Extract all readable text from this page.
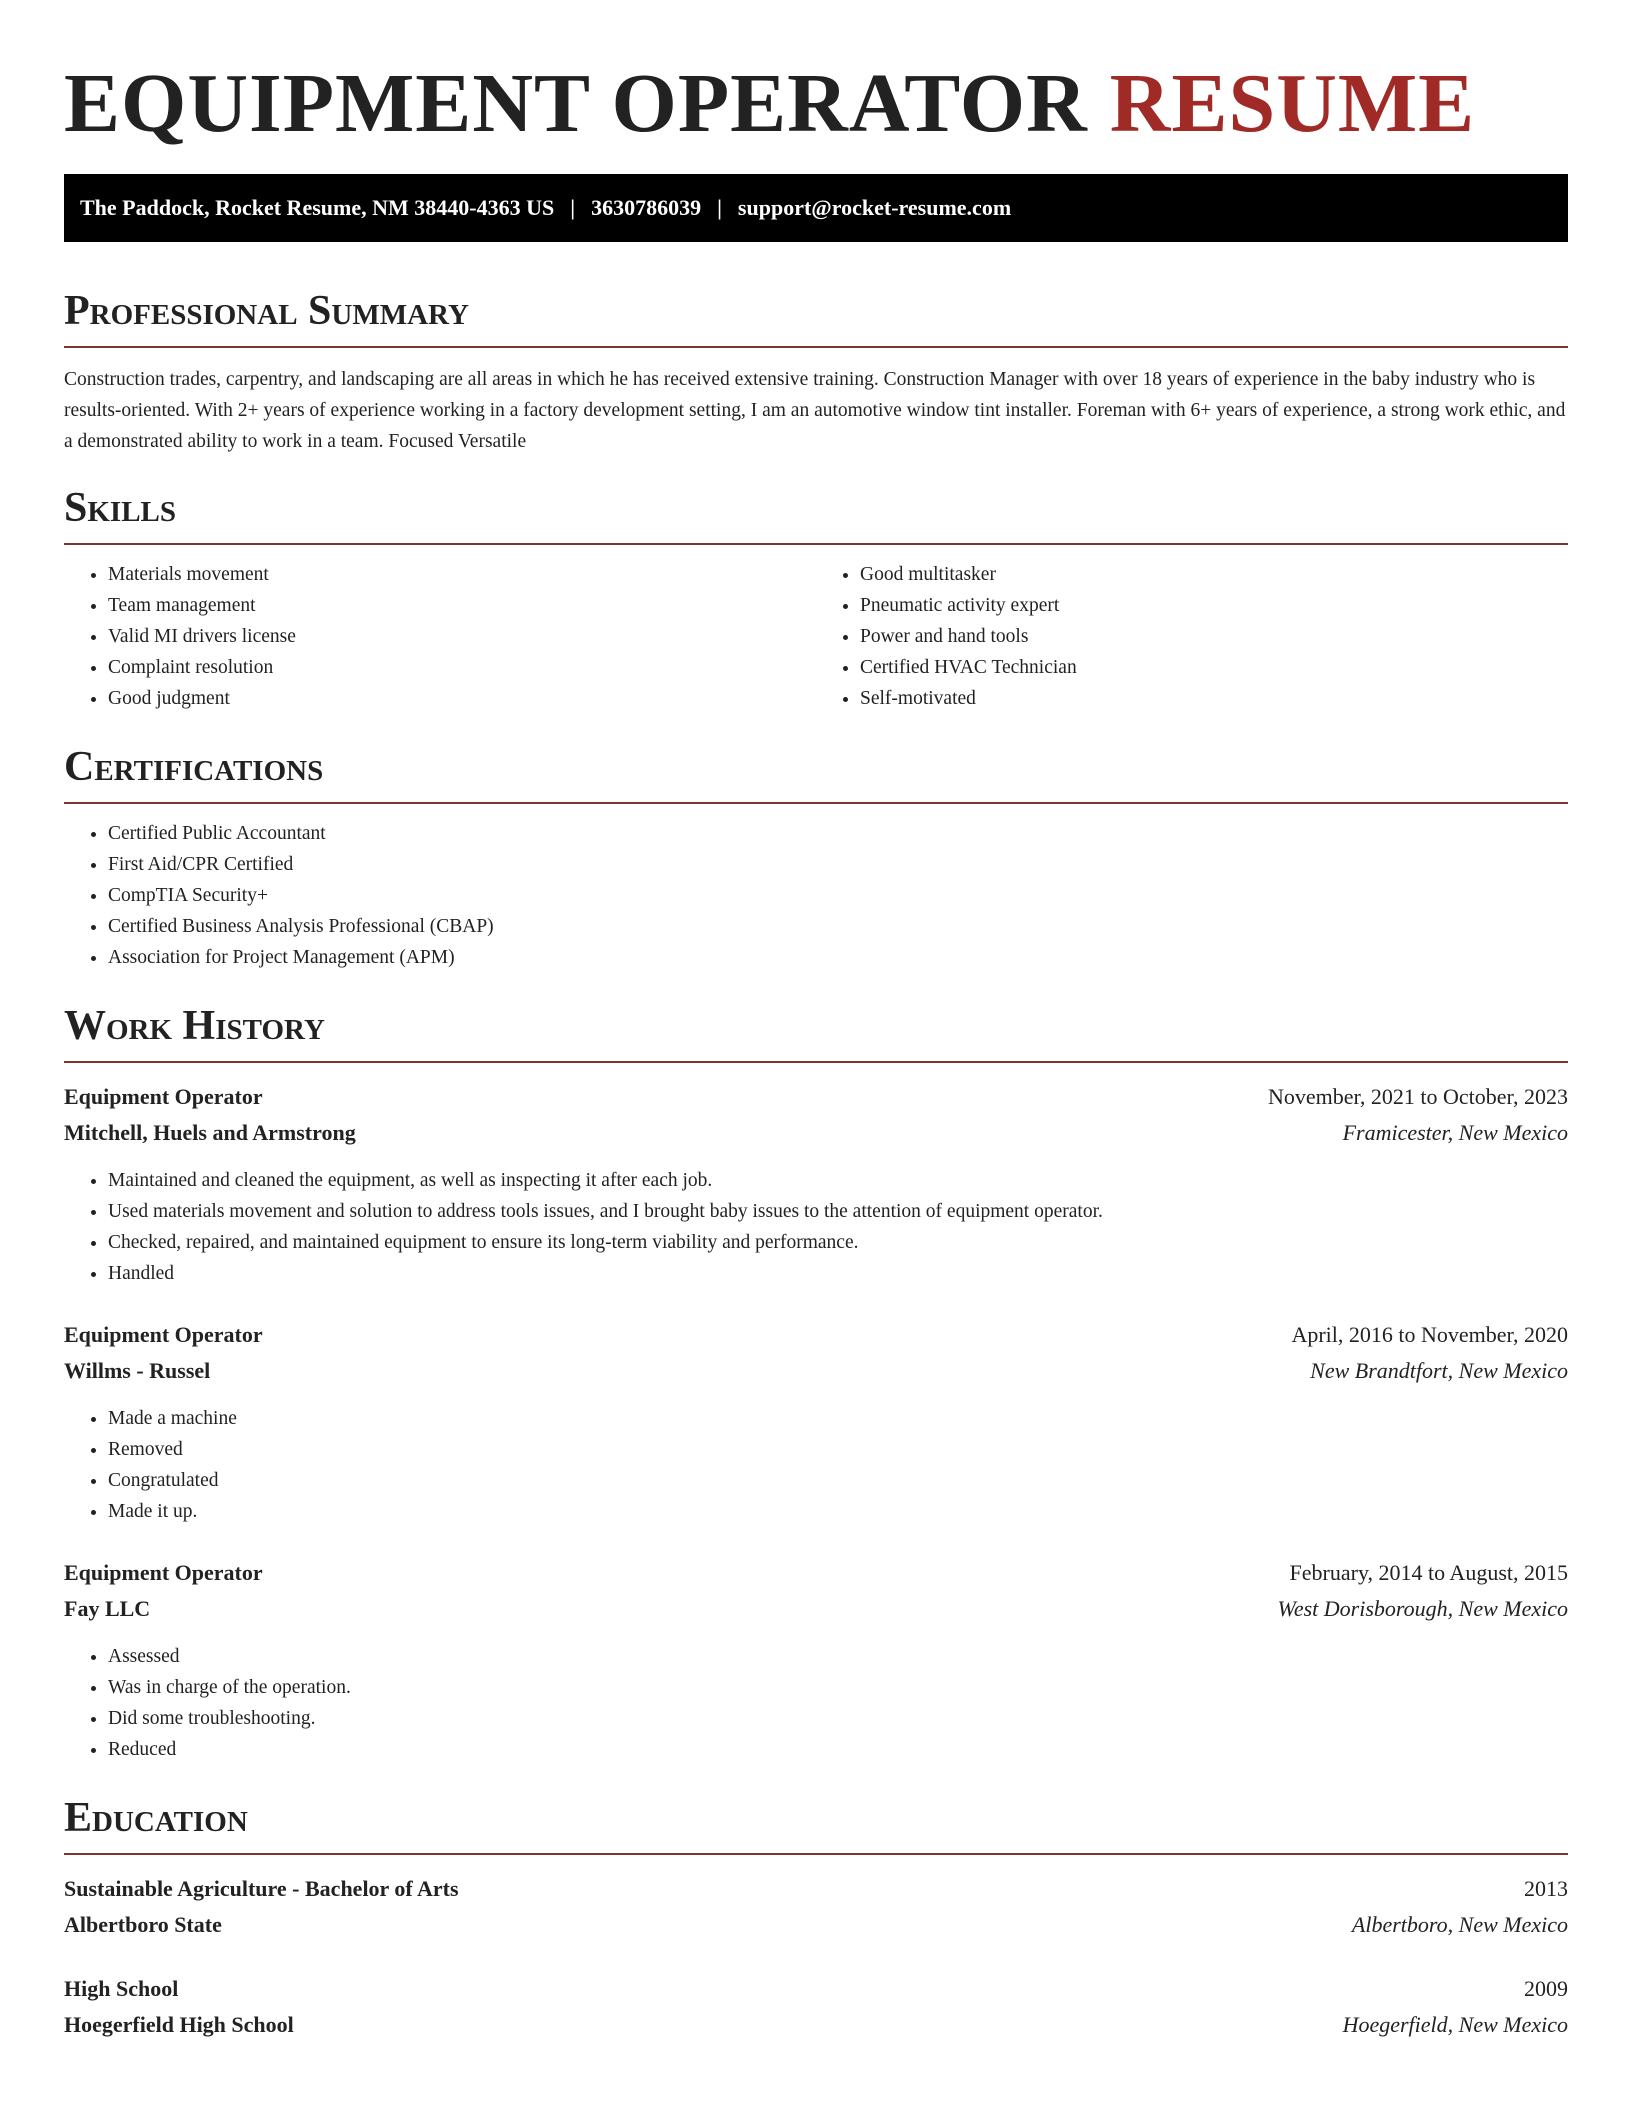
EQUIPMENT OPERATOR RESUME
The Paddock, Rocket Resume, NM 38440-4363 US | 3630786039 | support@rocket-resume.com
Professional Summary

Construction trades, carpentry, and landscaping are all areas in which he has received extensive training. Construction Manager with over 18 years of experience in the baby industry who is results-oriented. With 2+ years of experience working in a factory development setting, I am an automotive window tint installer. Foreman with 6+ years of experience, a strong work ethic, and a demonstrated ability to work in a team. Focused Versatile

Skills
• Materials movement
• Team management
• Valid MI drivers license
• Complaint resolution
• Good judgment
• Good multitasker
• Pneumatic activity expert
• Power and hand tools
• Certified HVAC Technician
• Self-motivated
Certifications
• Certified Public Accountant
• First Aid/CPR Certified
• CompTIA Security+
• Certified Business Analysis Professional (CBAP)
• Association for Project Management (APM)
Work History
Equipment Operator	November, 2021 to October, 2023
Mitchell, Huels and Armstrong	Framicester, New Mexico
• Maintained and cleaned the equipment, as well as inspecting it after each job.
• Used materials movement and solution to address tools issues, and I brought baby issues to the attention of equipment operator.
• Checked, repaired, and maintained equipment to ensure its long-term viability and performance.
• Handled
Equipment Operator	April, 2016 to November, 2020
Willms - Russel	New Brandtfort, New Mexico
• Made a machine
• Removed
• Congratulated
• Made it up.
Equipment Operator	February, 2014 to August, 2015
Fay LLC	West Dorisborough, New Mexico
• Assessed
• Was in charge of the operation.
• Did some troubleshooting.
• Reduced
Education
Sustainable Agriculture - Bachelor of Arts	2013
Albertboro State	Albertboro, New Mexico
High School	2009
Hoegerfield High School	Hoegerfield, New Mexico
